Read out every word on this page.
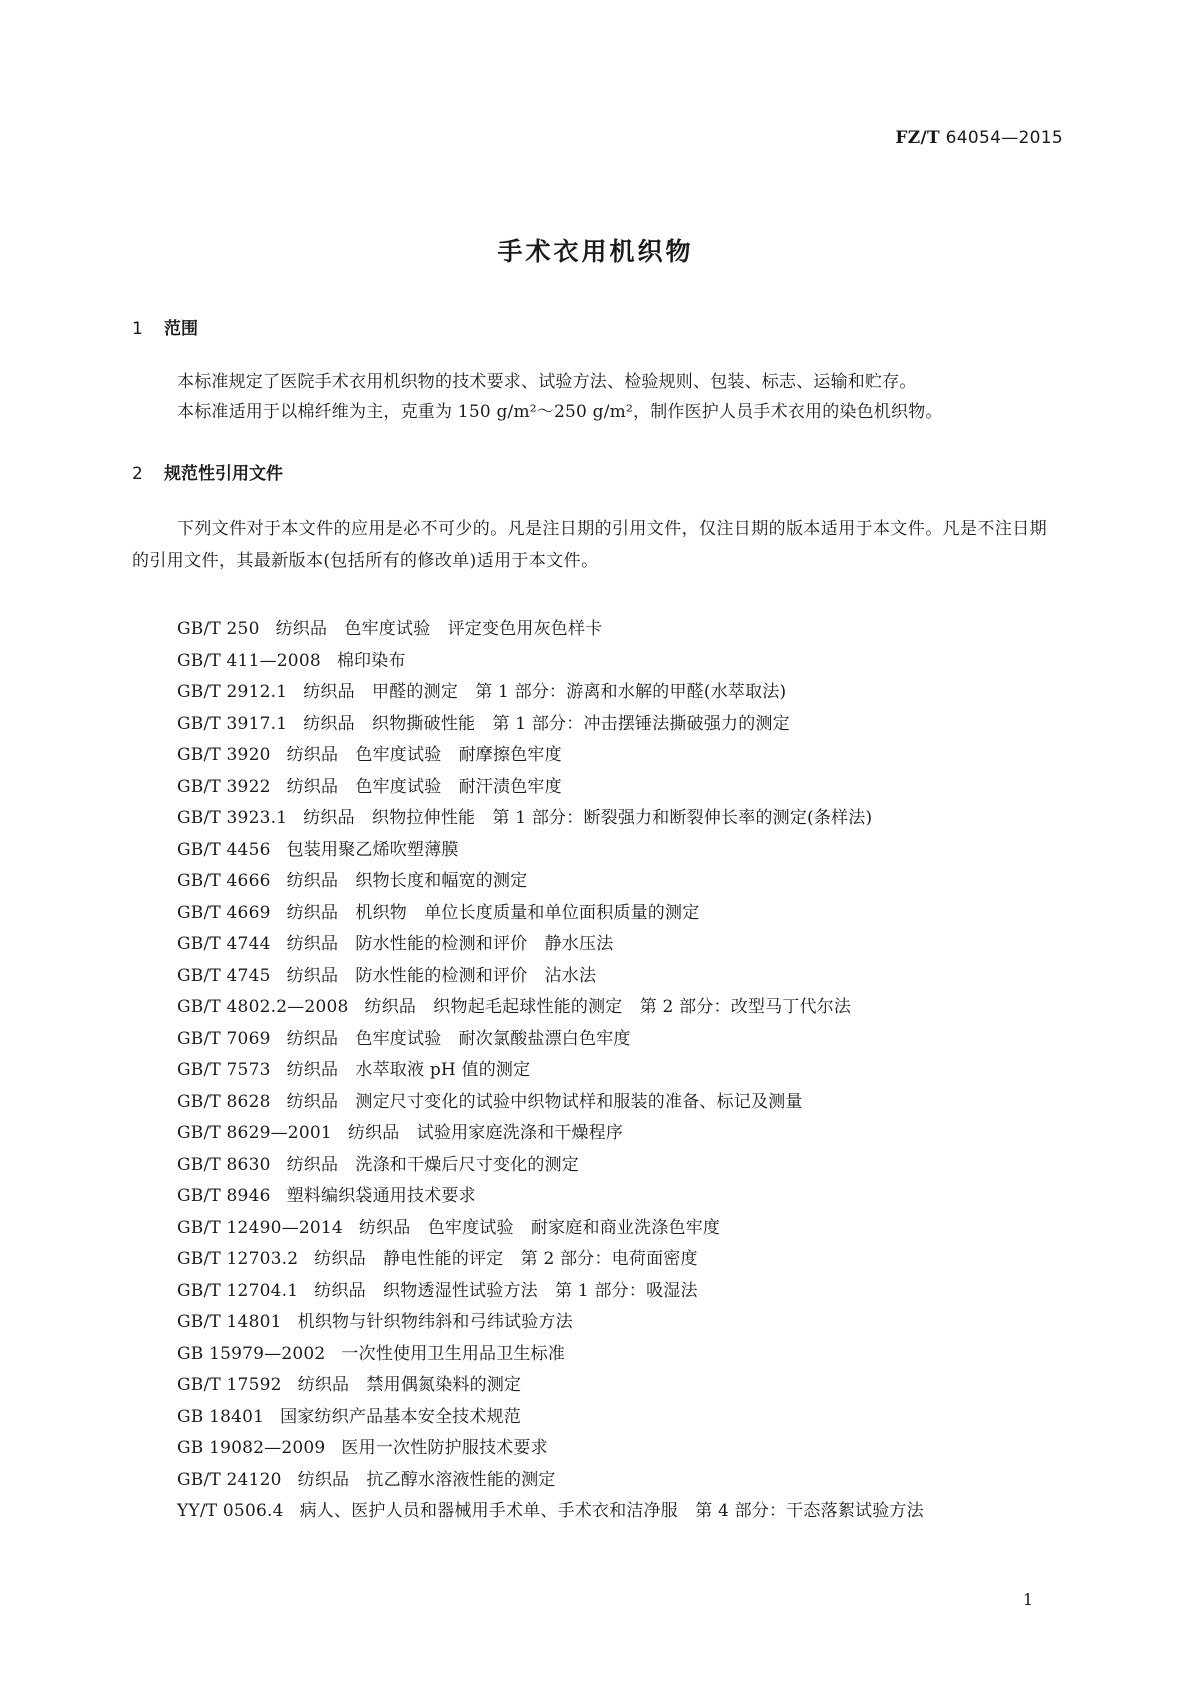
FZ/T 64054—2015
手术衣用机织物
1 范围
本标准规定了医院手术衣用机织物的技术要求、试验方法、检验规则、包装、标志、运输和贮存。
本标准适用于以棉纤维为主，克重为 150 g/m²～250 g/m²，制作医护人员手术衣用的染色机织物。
2 规范性引用文件
下列文件对于本文件的应用是必不可少的。凡是注日期的引用文件，仅注日期的版本适用于本文件。凡是不注日期的引用文件，其最新版本(包括所有的修改单)适用于本文件。
GB/T 250 纺织品　色牢度试验　评定变色用灰色样卡
GB/T 411—2008 棉印染布
GB/T 2912.1 纺织品　甲醛的测定　第 1 部分：游离和水解的甲醛(水萃取法)
GB/T 3917.1 纺织品　织物撕破性能　第 1 部分：冲击摆锤法撕破强力的测定
GB/T 3920 纺织品　色牢度试验　耐摩擦色牢度
GB/T 3922 纺织品　色牢度试验　耐汗渍色牢度
GB/T 3923.1 纺织品　织物拉伸性能　第 1 部分：断裂强力和断裂伸长率的测定(条样法)
GB/T 4456 包装用聚乙烯吹塑薄膜
GB/T 4666 纺织品　织物长度和幅宽的测定
GB/T 4669 纺织品　机织物　单位长度质量和单位面积质量的测定
GB/T 4744 纺织品　防水性能的检测和评价　静水压法
GB/T 4745 纺织品　防水性能的检测和评价　沾水法
GB/T 4802.2—2008 纺织品　织物起毛起球性能的测定　第 2 部分：改型马丁代尔法
GB/T 7069 纺织品　色牢度试验　耐次氯酸盐漂白色牢度
GB/T 7573 纺织品　水萃取液 pH 值的测定
GB/T 8628 纺织品　测定尺寸变化的试验中织物试样和服装的准备、标记及测量
GB/T 8629—2001 纺织品　试验用家庭洗涤和干燥程序
GB/T 8630 纺织品　洗涤和干燥后尺寸变化的测定
GB/T 8946 塑料编织袋通用技术要求
GB/T 12490—2014 纺织品　色牢度试验　耐家庭和商业洗涤色牢度
GB/T 12703.2 纺织品　静电性能的评定　第 2 部分：电荷面密度
GB/T 12704.1 纺织品　织物透湿性试验方法　第 1 部分：吸湿法
GB/T 14801 机织物与针织物纬斜和弓纬试验方法
GB 15979—2002 一次性使用卫生用品卫生标准
GB/T 17592 纺织品　禁用偶氮染料的测定
GB 18401 国家纺织产品基本安全技术规范
GB 19082—2009 医用一次性防护服技术要求
GB/T 24120 纺织品　抗乙醇水溶液性能的测定
YY/T 0506.4 病人、医护人员和器械用手术单、手术衣和洁净服　第 4 部分：干态落絮试验方法
1
